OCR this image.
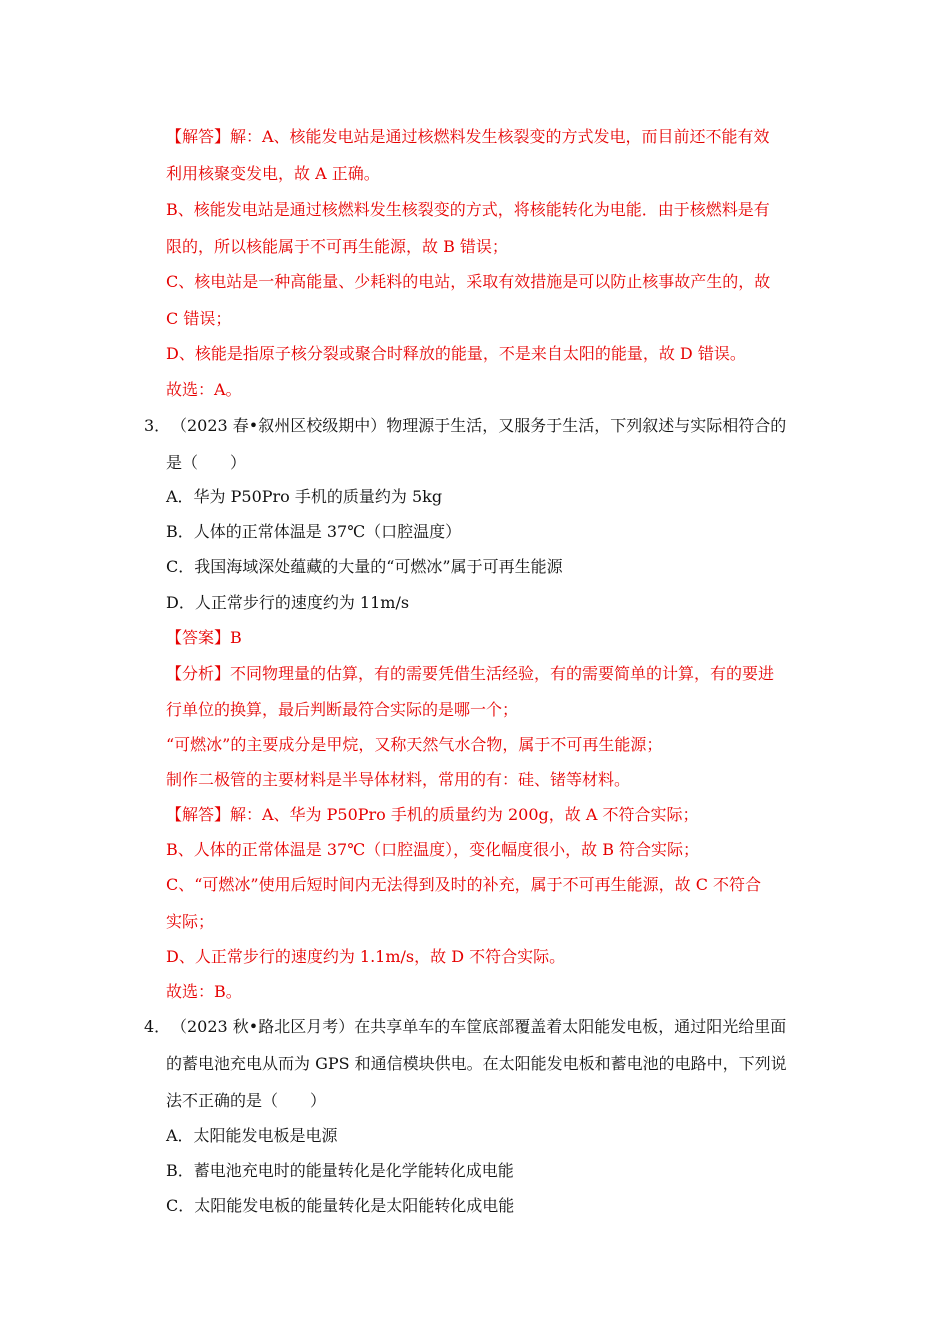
【解答】解：A、核能发电站是通过核燃料发生核裂变的方式发电，而目前还不能有效
利用核聚变发电，故 A 正确。
B、核能发电站是通过核燃料发生核裂变的方式，将核能转化为电能．由于核燃料是有
限的，所以核能属于不可再生能源，故 B 错误；
C、核电站是一种高能量、少耗料的电站，采取有效措施是可以防止核事故产生的，故
C 错误；
D、核能是指原子核分裂或聚合时释放的能量，不是来自太阳的能量，故 D 错误。
故选：A。
3． （2023 春•叙州区校级期中）物理源于生活，又服务于生活，下列叙述与实际相符合的
是（　　）
A．华为 P50Pro 手机的质量约为 5kg
B．人体的正常体温是 37℃（口腔温度）
C．我国海域深处蕴藏的大量的“可燃冰”属于可再生能源
D．人正常步行的速度约为 11m/s
【答案】B
【分析】不同物理量的估算，有的需要凭借生活经验，有的需要简单的计算，有的要进
行单位的换算，最后判断最符合实际的是哪一个；
“可燃冰”的主要成分是甲烷，又称天然气水合物，属于不可再生能源；
制作二极管的主要材料是半导体材料，常用的有：硅、锗等材料。
【解答】解：A、华为 P50Pro 手机的质量约为 200g，故 A 不符合实际；
B、人体的正常体温是 37℃（口腔温度），变化幅度很小，故 B 符合实际；
C、“可燃冰”使用后短时间内无法得到及时的补充，属于不可再生能源，故 C 不符合
实际；
D、人正常步行的速度约为 1.1m/s，故 D 不符合实际。
故选：B。
4． （2023 秋•路北区月考）在共享单车的车筐底部覆盖着太阳能发电板，通过阳光给里面
的蓄电池充电从而为 GPS 和通信模块供电。在太阳能发电板和蓄电池的电路中，下列说
法不正确的是（　　）
A．太阳能发电板是电源
B．蓄电池充电时的能量转化是化学能转化成电能
C．太阳能发电板的能量转化是太阳能转化成电能
